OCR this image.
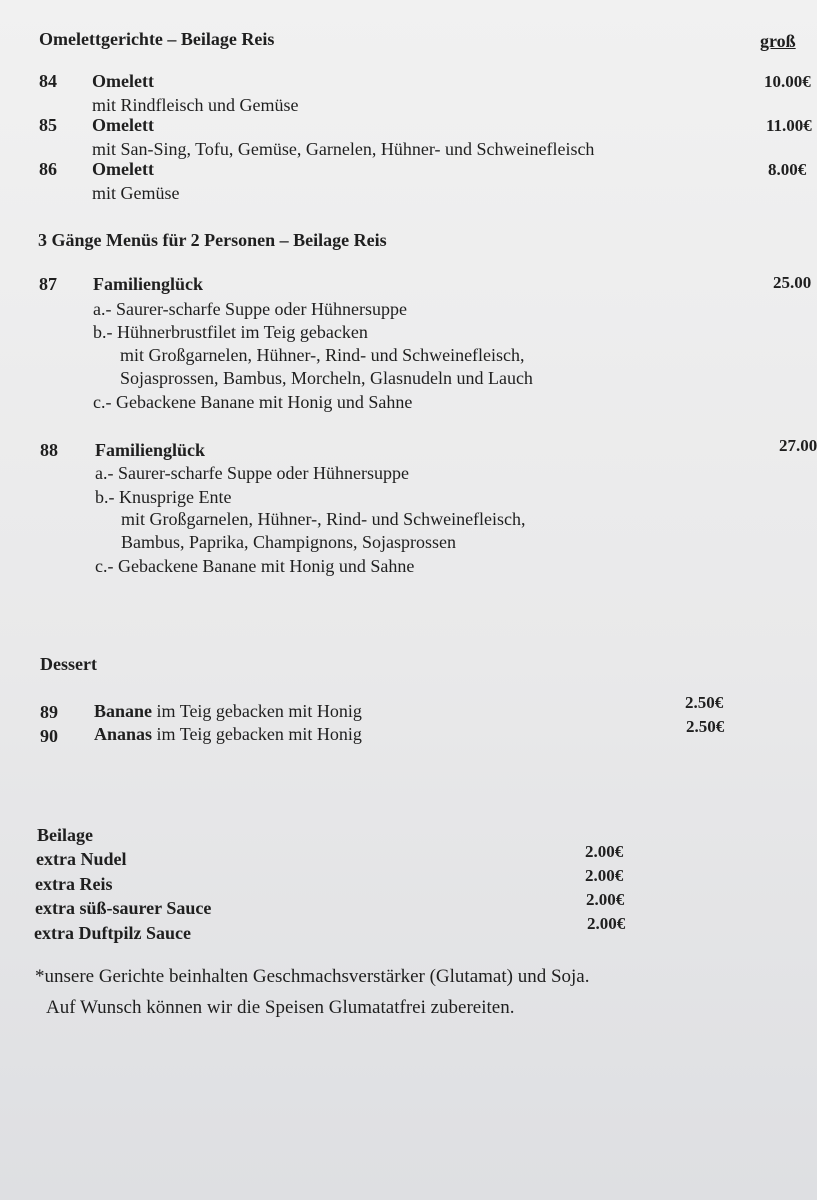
Omelettgerichte – Beilage Reis	groß
84 Omelett	10.00€
mit Rindfleisch und Gemüse
85 Omelett	11.00€
mit San-Sing, Tofu, Gemüse, Garnelen, Hühner- und Schweinefleisch
86 Omelett	8.00€
mit Gemüse
3 Gänge Menüs für 2 Personen – Beilage Reis
87 Familienglück	25.00
a.- Saurer-scharfe Suppe oder Hühnersuppe
b.- Hühnerbrustfilet im Teig gebacken
mit Großgarnelen, Hühner-, Rind- und Schweinefleisch,
Sojasprossen, Bambus, Morcheln, Glasnudeln und Lauch
c.- Gebackene Banane mit Honig und Sahne
88 Familienglück	27.00
a.- Saurer-scharfe Suppe oder Hühnersuppe
b.- Knusprige Ente
mit Großgarnelen, Hühner-, Rind- und Schweinefleisch,
Bambus, Paprika, Champignons, Sojasprossen
c.- Gebackene Banane mit Honig und Sahne
Dessert
89 Banane im Teig gebacken mit Honig	2.50€
90 Ananas im Teig gebacken mit Honig	2.50€
Beilage
extra Nudel	2.00€
extra Reis	2.00€
extra süß-saurer Sauce	2.00€
extra Duftpilz Sauce	2.00€
*unsere Gerichte beinhalten Geschmachsverstärker (Glutamat) und Soja.
Auf Wunsch können wir die Speisen Glumatatfrei zubereiten.
